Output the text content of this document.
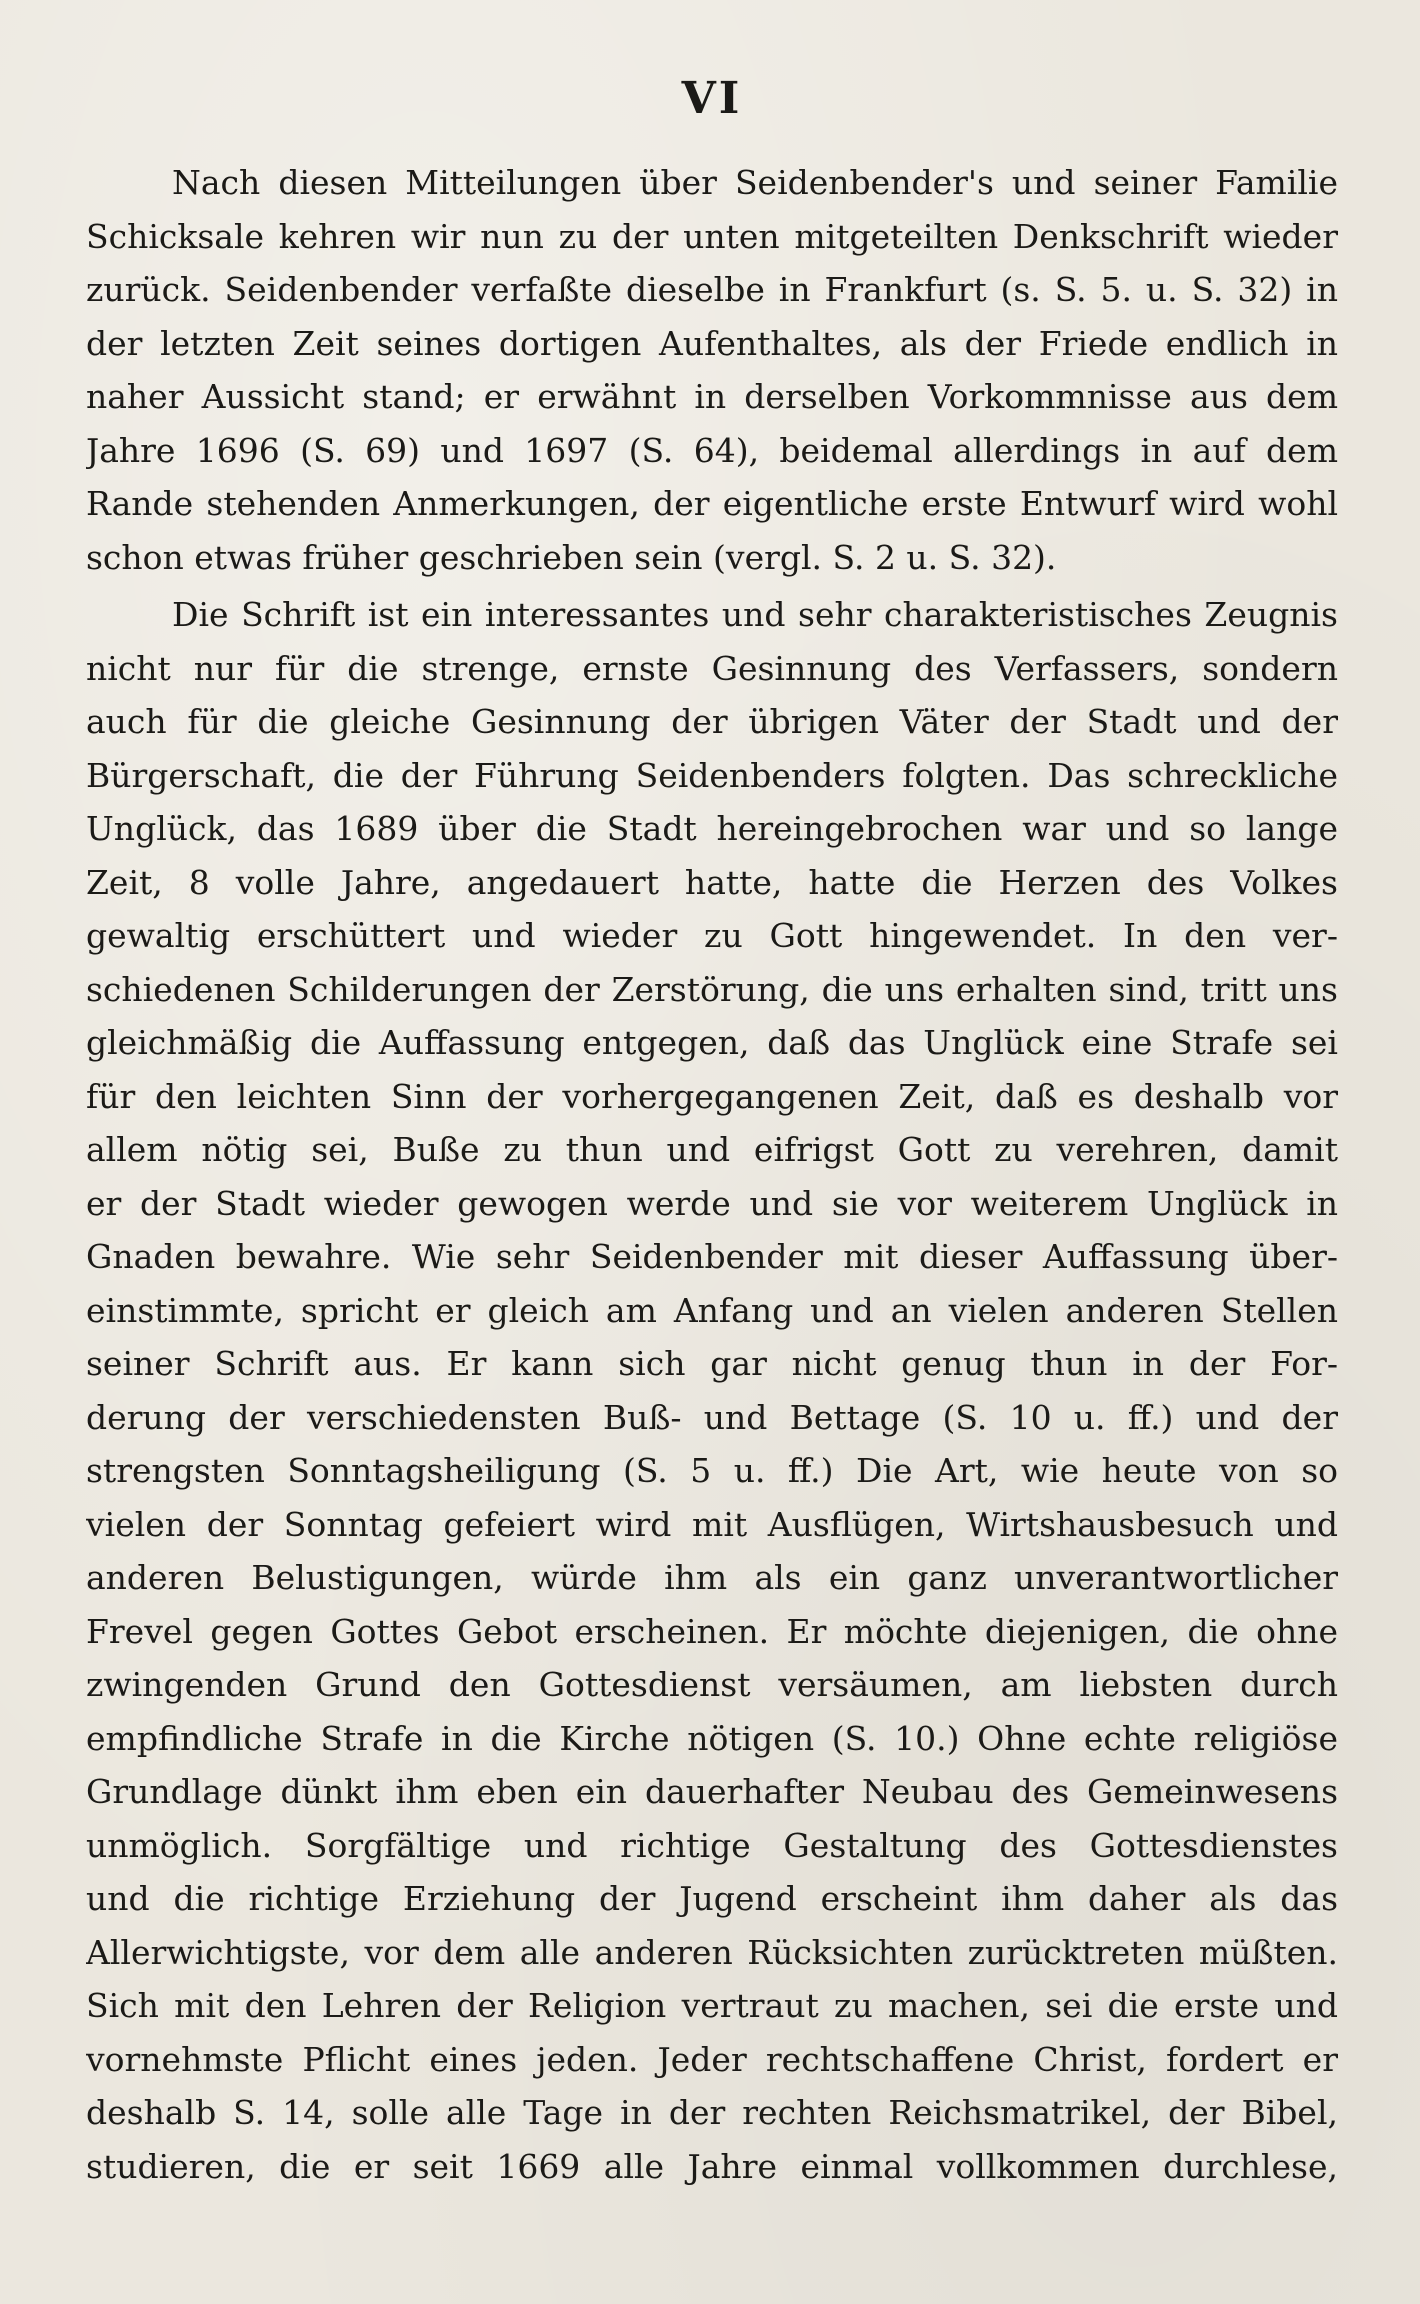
VI
Nach diesen Mitteilungen über Seidenbender's und seiner Familie
Schicksale kehren wir nun zu der unten mitgeteilten Denkschrift wieder
zurück. Seidenbender verfaßte dieselbe in Frankfurt (s. S. 5. u. S. 32) in
der letzten Zeit seines dortigen Aufenthaltes, als der Friede endlich in
naher Aussicht stand; er erwähnt in derselben Vorkommnisse aus dem
Jahre 1696 (S. 69) und 1697 (S. 64), beidemal allerdings in auf dem
Rande stehenden Anmerkungen, der eigentliche erste Entwurf wird wohl
schon etwas früher geschrieben sein (vergl. S. 2 u. S. 32).
Die Schrift ist ein interessantes und sehr charakteristisches Zeugnis
nicht nur für die strenge, ernste Gesinnung des Verfassers, sondern
auch für die gleiche Gesinnung der übrigen Väter der Stadt und der
Bürgerschaft, die der Führung Seidenbenders folgten. Das schreckliche
Unglück, das 1689 über die Stadt hereingebrochen war und so lange
Zeit, 8 volle Jahre, angedauert hatte, hatte die Herzen des Volkes
gewaltig erschüttert und wieder zu Gott hingewendet. In den ver-
schiedenen Schilderungen der Zerstörung, die uns erhalten sind, tritt uns
gleichmäßig die Auffassung entgegen, daß das Unglück eine Strafe sei
für den leichten Sinn der vorhergegangenen Zeit, daß es deshalb vor
allem nötig sei, Buße zu thun und eifrigst Gott zu verehren, damit
er der Stadt wieder gewogen werde und sie vor weiterem Unglück in
Gnaden bewahre. Wie sehr Seidenbender mit dieser Auffassung über-
einstimmte, spricht er gleich am Anfang und an vielen anderen Stellen
seiner Schrift aus. Er kann sich gar nicht genug thun in der For-
derung der verschiedensten Buß- und Bettage (S. 10 u. ff.) und der
strengsten Sonntagsheiligung (S. 5 u. ff.) Die Art, wie heute von so
vielen der Sonntag gefeiert wird mit Ausflügen, Wirtshausbesuch und
anderen Belustigungen, würde ihm als ein ganz unverantwortlicher
Frevel gegen Gottes Gebot erscheinen. Er möchte diejenigen, die ohne
zwingenden Grund den Gottesdienst versäumen, am liebsten durch
empfindliche Strafe in die Kirche nötigen (S. 10.) Ohne echte religiöse
Grundlage dünkt ihm eben ein dauerhafter Neubau des Gemeinwesens
unmöglich. Sorgfältige und richtige Gestaltung des Gottesdienstes
und die richtige Erziehung der Jugend erscheint ihm daher als das
Allerwichtigste, vor dem alle anderen Rücksichten zurücktreten müßten.
Sich mit den Lehren der Religion vertraut zu machen, sei die erste und
vornehmste Pflicht eines jeden. Jeder rechtschaffene Christ, fordert er
deshalb S. 14, solle alle Tage in der rechten Reichsmatrikel, der Bibel,
studieren, die er seit 1669 alle Jahre einmal vollkommen durchlese,
